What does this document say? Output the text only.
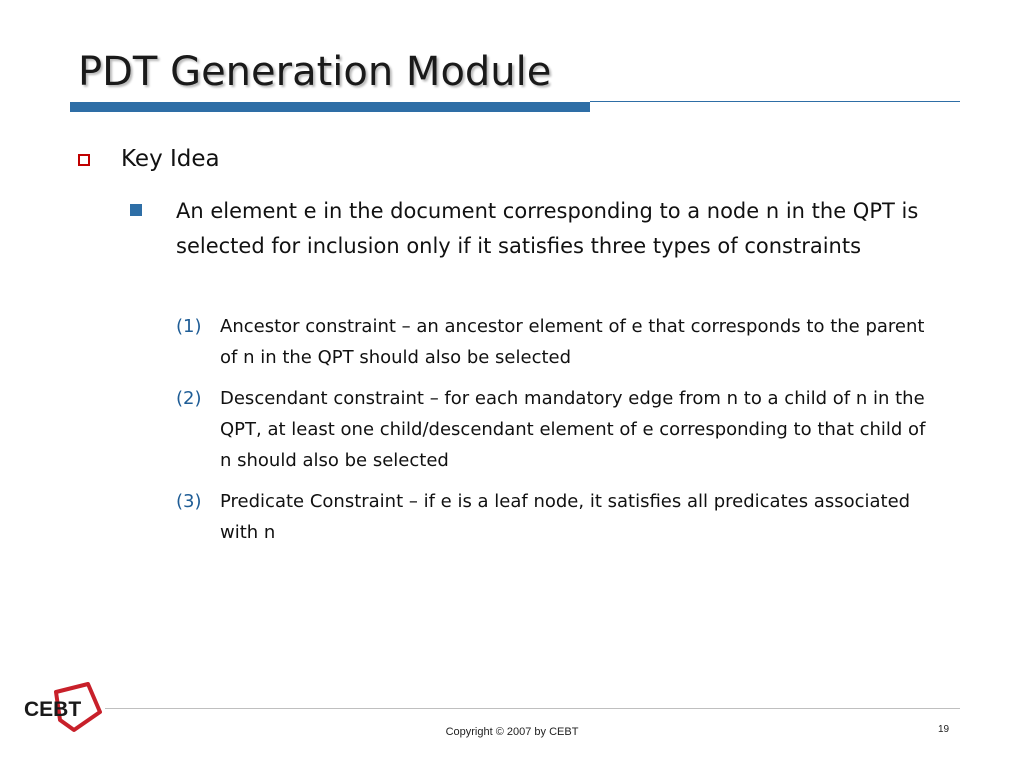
PDT Generation Module
Key Idea
An element e in the document corresponding to a node n in the QPT is selected for inclusion only if it satisfies three types of constraints
(1)	Ancestor constraint – an ancestor element of e that corresponds to the parent of n in the QPT should also be selected
(2)	Descendant constraint – for each mandatory edge from n to a child of n in the QPT, at least one child/descendant element of e corresponding to that child of n should also be selected
(3)	Predicate Constraint – if e is a leaf node, it satisfies all predicates associated with n
CEBT
Copyright © 2007 by CEBT	19
